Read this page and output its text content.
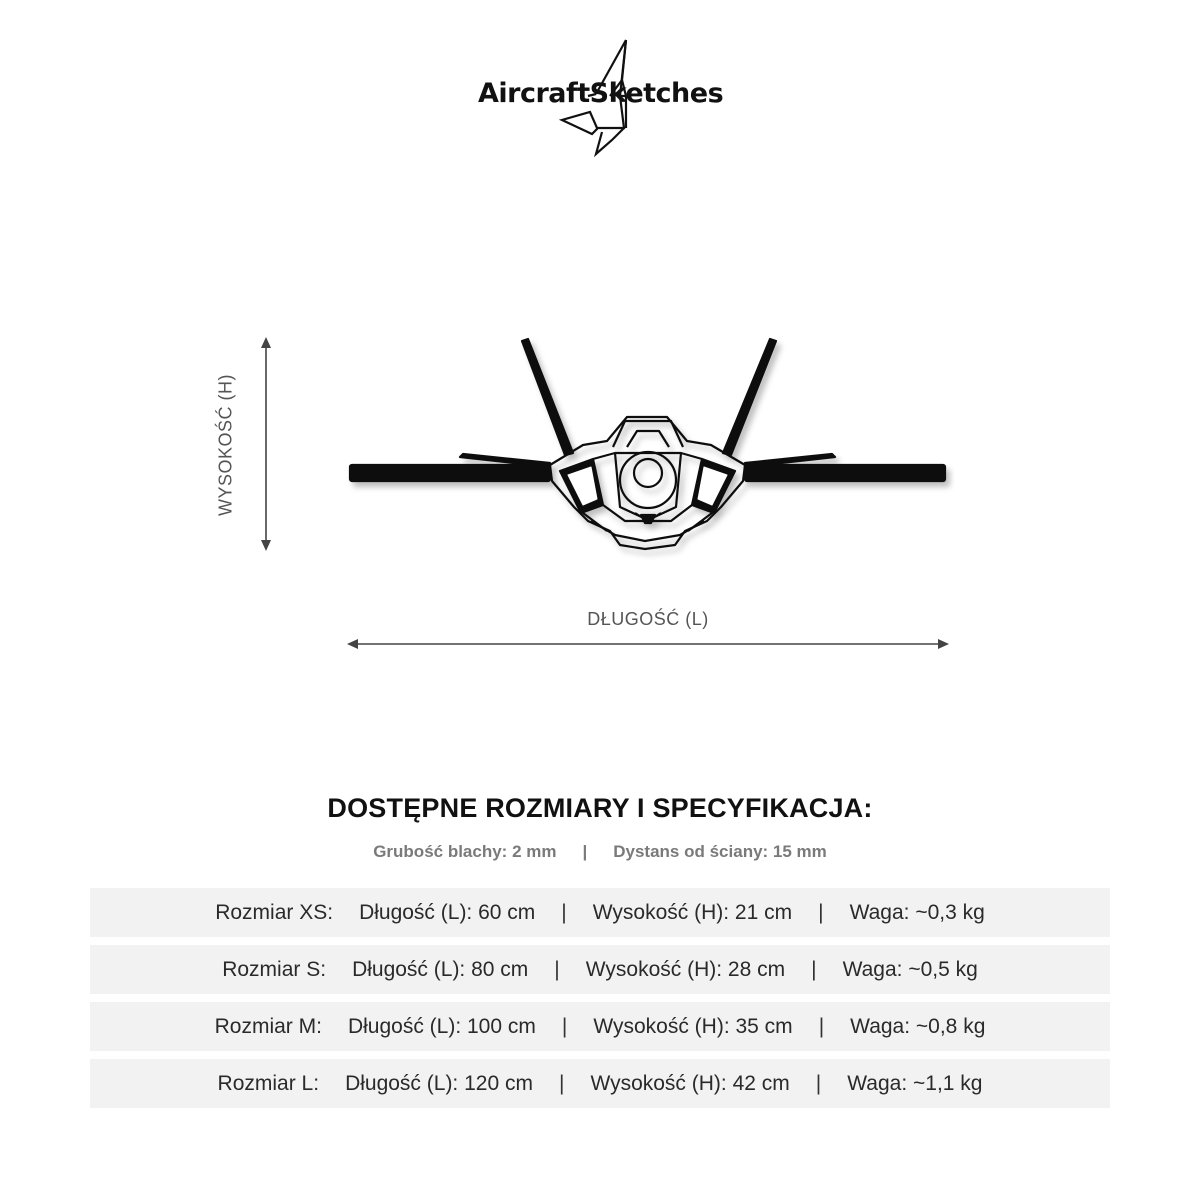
AircraftSketches
WYSOKOŚĆ (H)
DŁUGOŚĆ (L)
DOSTĘPNE ROZMIARY I SPECYFIKACJA:
Grubość blachy: 2 mm | Dystans od ściany: 15 mm
Rozmiar XS: Długość (L): 60 cm	|	Wysokość (H): 21 cm	|	Waga: ~0,3 kg
Rozmiar S: Długość (L): 80 cm	|	Wysokość (H): 28 cm	|	Waga: ~0,5 kg
Rozmiar M: Długość (L): 100 cm	|	Wysokość (H): 35 cm	|	Waga: ~0,8 kg
Rozmiar L: Długość (L): 120 cm	|	Wysokość (H): 42 cm	|	Waga: ~1,1 kg
